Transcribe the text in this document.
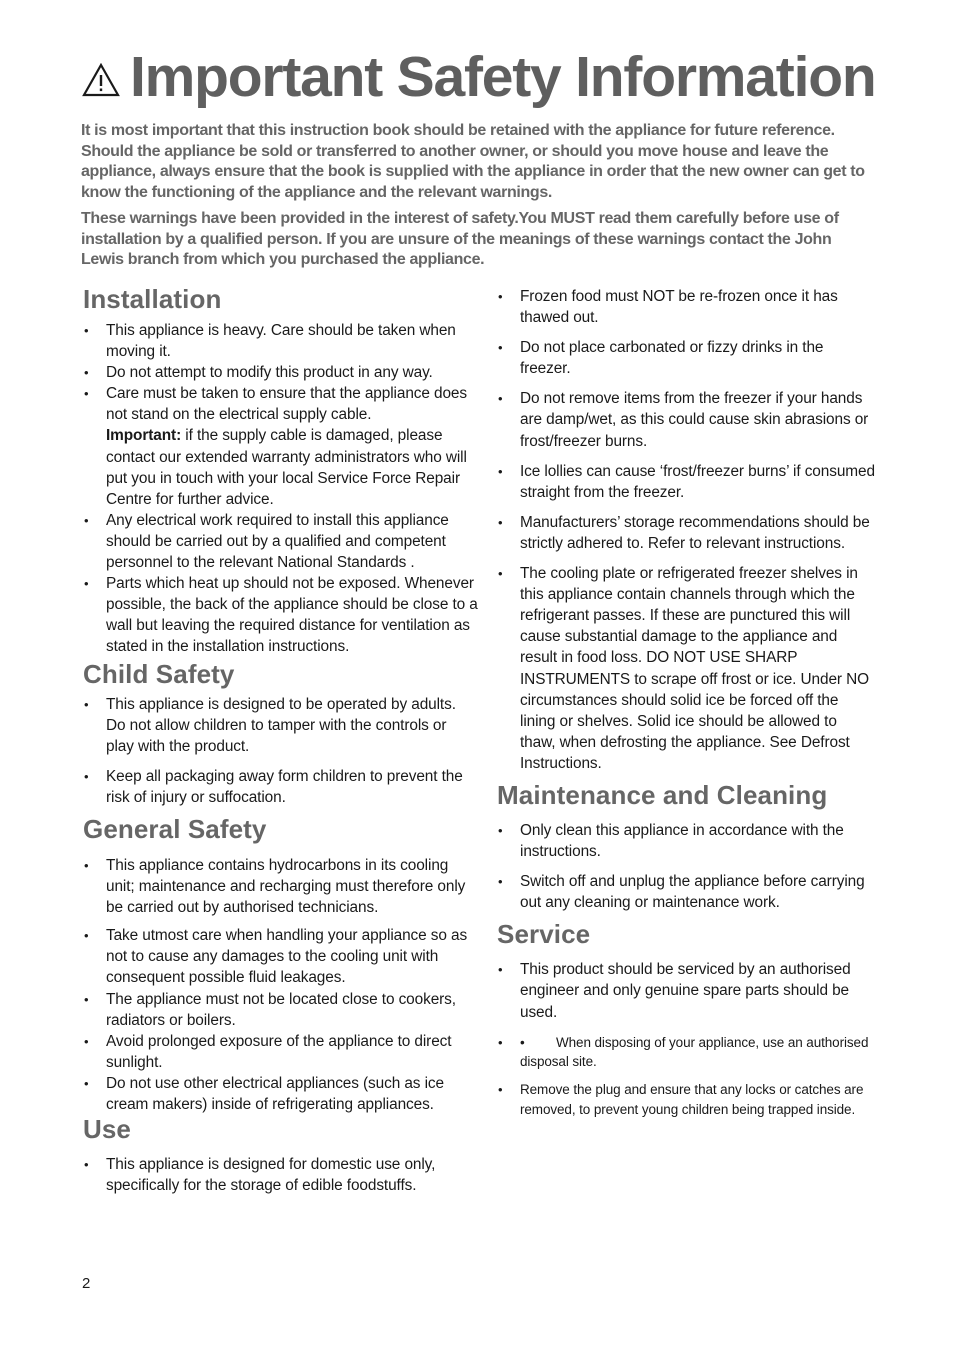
Important Safety Information

It is most important that this instruction book should be retained with the appliance for future reference. Should the appliance be sold or transferred to another owner, or should you move house and leave the appliance, always ensure that the book is supplied with the appliance in order that the new owner can get to know the functioning of the appliance and the relevant warnings.

These warnings have been provided in the interest of safety.You MUST read them carefully before use of installation by a qualified person. If you are unsure of the meanings of these warnings contact the John Lewis branch from which you purchased the appliance.

Installation
• This appliance is heavy. Care should be taken when moving it.
• Do not attempt to modify this product in any way.
• Care must be taken to ensure that the appliance does not stand on the electrical supply cable.
Important: if the supply cable is damaged, please contact our extended warranty administrators who will put you in touch with your local Service Force Repair Centre for further advice.
• Any electrical work required to install this appliance should be carried out by a qualified and competent personnel to the relevant National Standards .
• Parts which heat up should not be exposed. Whenever possible, the back of the appliance should be close to a wall but leaving the required distance for ventilation as stated in the installation instructions.
Child Safety
• This appliance is designed to be operated by adults. Do not allow children to tamper with the controls or play with the product.
• Keep all packaging away form children to prevent the risk of injury or suffocation.
General Safety
• This appliance contains hydrocarbons in its cooling unit; maintenance and recharging must therefore only be carried out by authorised technicians.
• Take utmost care when handling your appliance so as not to cause any damages to the cooling unit with consequent possible fluid leakages.
• The appliance must not be located close to cookers, radiators or boilers.
• Avoid prolonged exposure of the appliance to direct sunlight.
• Do not use other electrical appliances (such as ice cream makers) inside of refrigerating appliances.
Use
• This appliance is designed for domestic use only, specifically for the storage of edible foodstuffs.
• Frozen food must NOT be re-frozen once it has thawed out.
• Do not place carbonated or fizzy drinks in the freezer.
• Do not remove items from the freezer if your hands are damp/wet, as this could cause skin abrasions or frost/freezer burns.
• Ice lollies can cause ‘frost/freezer burns’ if consumed straight from the freezer.
• Manufacturers’ storage recommendations should be strictly adhered to. Refer to relevant instructions.
• The cooling plate or refrigerated freezer shelves in this appliance contain channels through which the refrigerant passes. If these are punctured this will cause substantial damage to the appliance and result in food loss. DO NOT USE SHARP INSTRUMENTS to scrape off frost or ice. Under NO circumstances should solid ice be forced off the lining or shelves. Solid ice should be allowed to thaw, when defrosting the appliance. See Defrost Instructions.
Maintenance and Cleaning
• Only clean this appliance in accordance with the instructions.
• Switch off and unplug the appliance before carrying out any cleaning or maintenance work.
Service
• This product should be serviced by an authorised engineer and only genuine spare parts should be used.
• • When disposing of your appliance, use an authorised disposal site.
• Remove the plug and ensure that any locks or catches are removed, to prevent young children being trapped inside.
2
